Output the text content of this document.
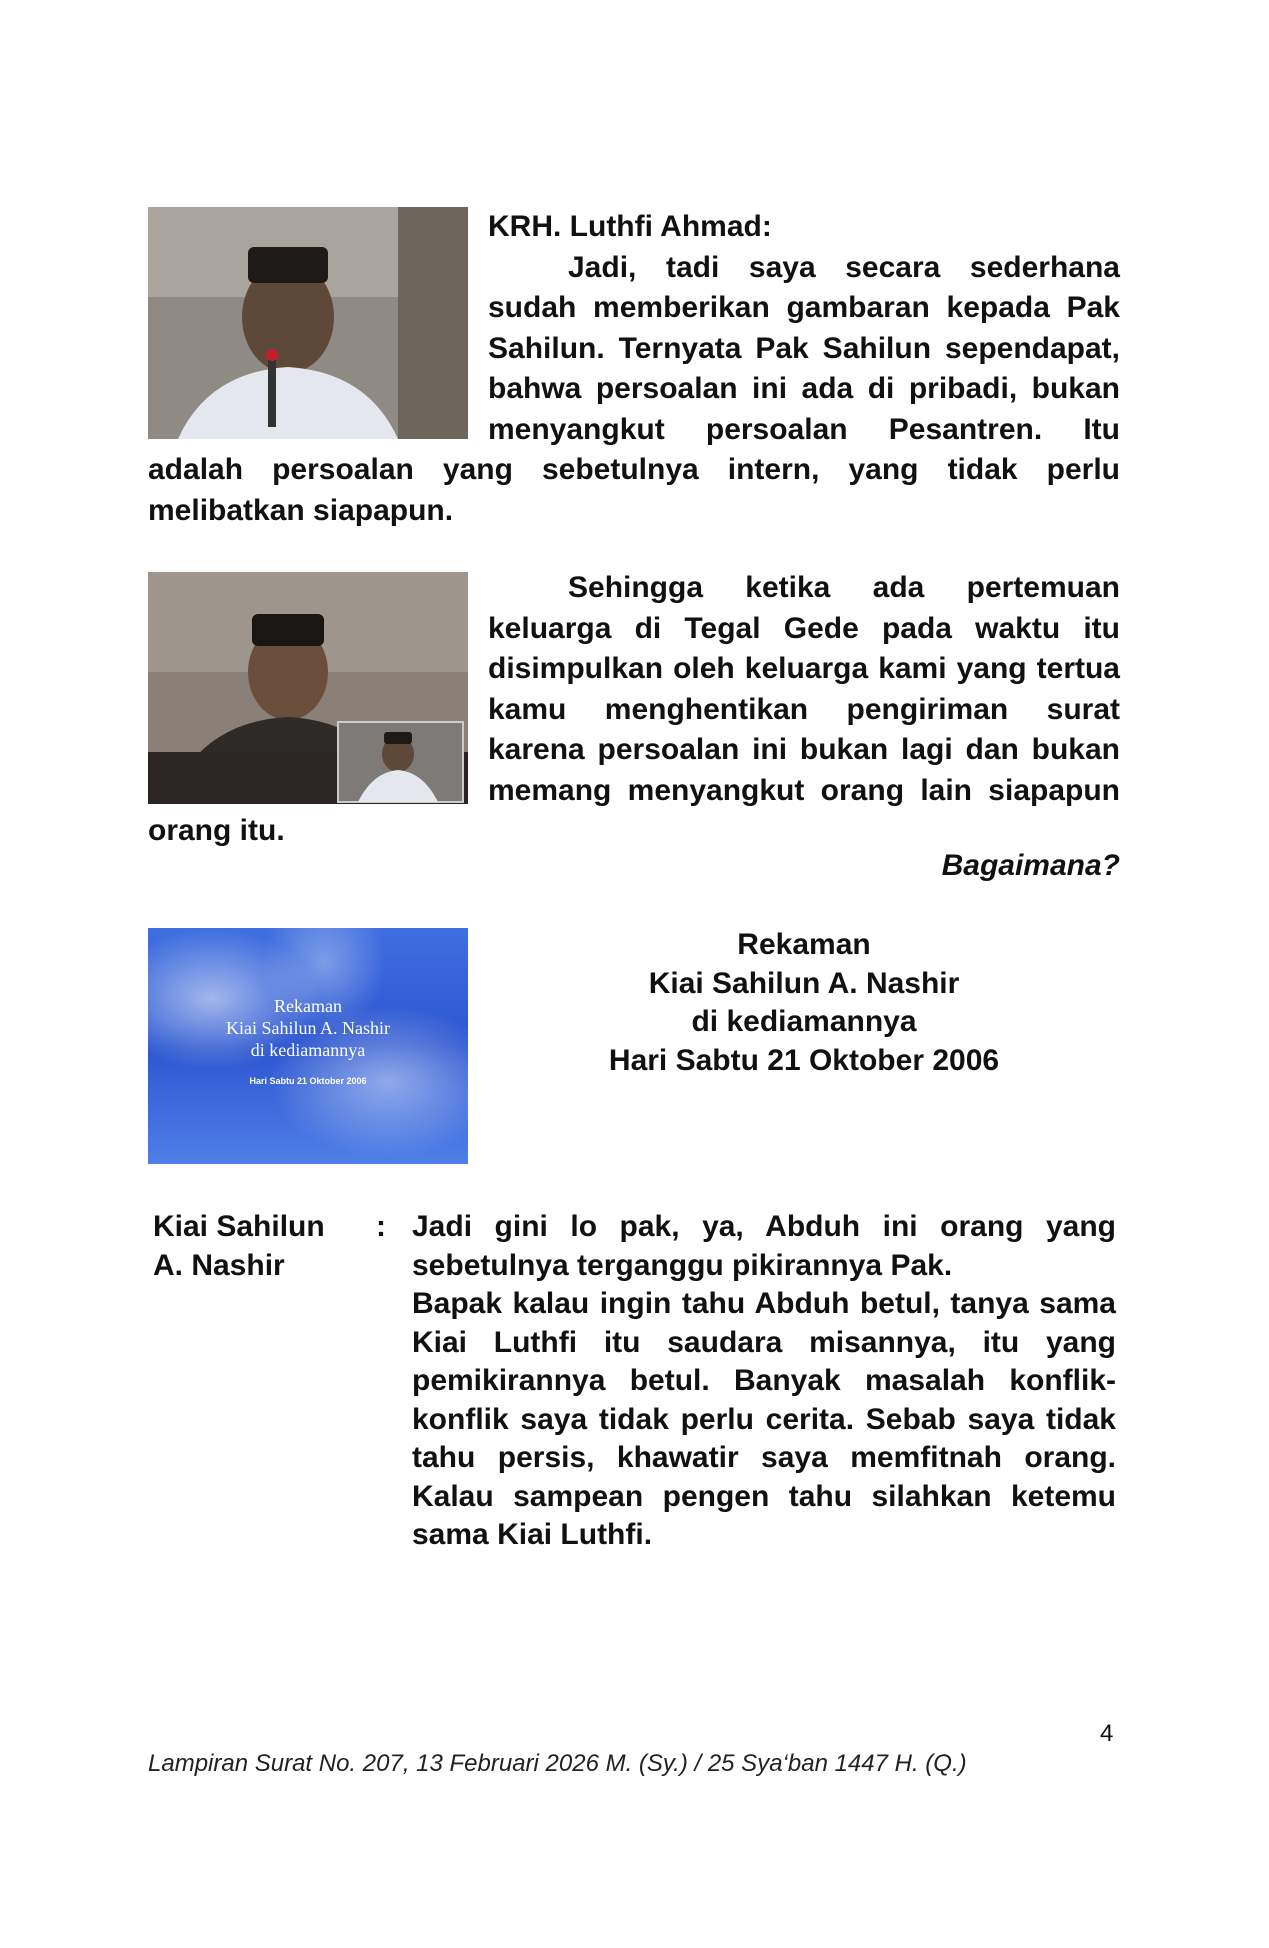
KRH. Luthfi Ahmad:
Jadi, tadi saya secara sederhana sudah memberikan gambaran kepada Pak Sahilun. Ternyata Pak Sahilun sependapat, bahwa persoalan ini ada di pribadi, bukan menyangkut persoalan Pesantren. Itu adalah persoalan yang sebetulnya intern, yang tidak perlu melibatkan siapapun.
Sehingga ketika ada pertemuan keluarga di Tegal Gede pada waktu itu disimpulkan oleh keluarga kami yang tertua kamu menghentikan pengiriman surat karena persoalan ini bukan lagi dan bukan memang menyangkut orang lain siapapun orang itu.
Bagaimana?
Rekaman
Kiai Sahilun A. Nashir
di kediamannya
Hari Sabtu 21 Oktober 2006
Rekaman
Kiai Sahilun A. Nashir
di kediamannya
Hari Sabtu 21 Oktober 2006
Kiai Sahilun
A. Nashir
: Jadi gini lo pak, ya, Abduh ini orang yang sebetulnya terganggu pikirannya Pak.

Bapak kalau ingin tahu Abduh betul, tanya sama Kiai Luthfi itu saudara misannya, itu yang pemikirannya betul. Banyak masalah konflik-konflik saya tidak perlu cerita. Sebab saya tidak tahu persis, khawatir saya memfitnah orang. Kalau sampean pengen tahu silahkan ketemu sama Kiai Luthfi.

4
Lampiran Surat No. 207, 13 Februari 2026 M. (Sy.) / 25 Sya‘ban 1447 H. (Q.)
